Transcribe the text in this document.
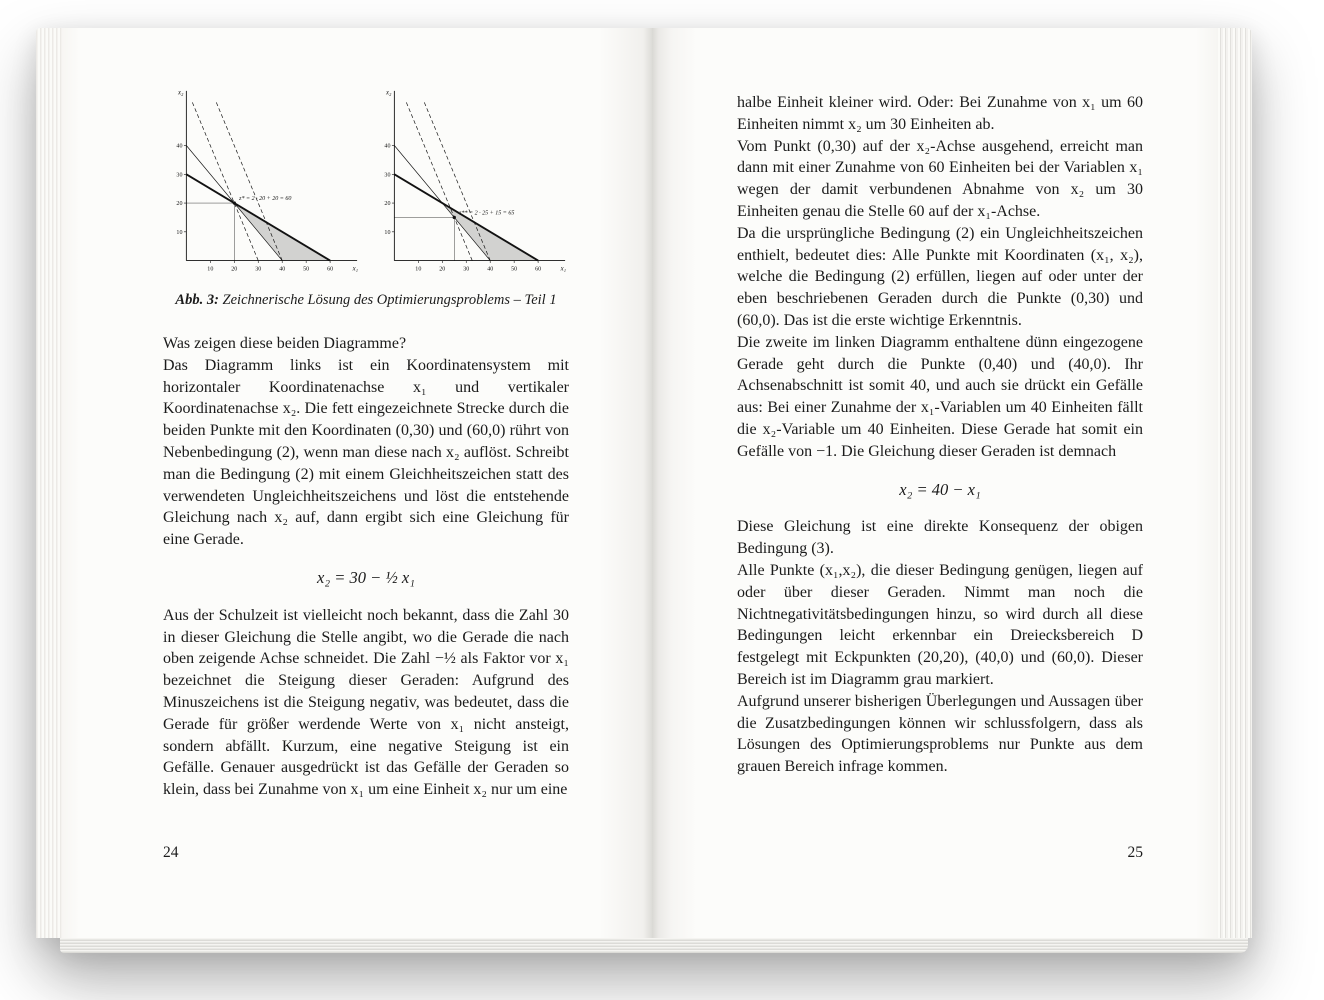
10	20	30	40	50	60
10
20
30
40
x₂
x₁
z* = 2 · 20 + 20 = 60
10	20	30	40	50	60
10
20
30
40
x₂
x₁
z** = 2 · 25 + 15 = 65
Abb. 3: Zeichnerische Lösung des Optimierungsproblems – Teil 1

Was zeigen diese beiden Diagramme?

Das Diagramm links ist ein Koordinatensystem mit horizontaler Koordinatenachse x₁ und vertikaler Koordinatenachse x₂. Die fett eingezeichnete Strecke durch die beiden Punkte mit den Koordinaten (0,30) und (60,0) rührt von Nebenbedingung (2), wenn man diese nach x₂ auflöst. Schreibt man die Bedingung (2) mit einem Gleichheitszeichen statt des verwendeten Ungleichheitszeichens und löst die entstehende Gleichung nach x₂ auf, dann ergibt sich eine Gleichung für eine Gerade.

x₂ = 30 − ½ x₁

Aus der Schulzeit ist vielleicht noch bekannt, dass die Zahl 30 in dieser Gleichung die Stelle angibt, wo die Gerade die nach oben zeigende Achse schneidet. Die Zahl −½ als Faktor vor x₁ bezeichnet die Steigung dieser Geraden: Aufgrund des Minuszeichens ist die Steigung negativ, was bedeutet, dass die Gerade für größer werdende Werte von x₁ nicht ansteigt, sondern abfällt. Kurzum, eine negative Steigung ist ein Gefälle. Genauer ausgedrückt ist das Gefälle der Geraden so klein, dass bei Zunahme von x₁ um eine Einheit x₂ nur um eine

24

halbe Einheit kleiner wird. Oder: Bei Zunahme von x₁ um 60 Einheiten nimmt x₂ um 30 Einheiten ab.

Vom Punkt (0,30) auf der x₂-Achse ausgehend, erreicht man dann mit einer Zunahme von 60 Einheiten bei der Variablen x₁ wegen der damit verbundenen Abnahme von x₂ um 30 Einheiten genau die Stelle 60 auf der x₁-Achse.

Da die ursprüngliche Bedingung (2) ein Ungleichheitszeichen enthielt, bedeutet dies: Alle Punkte mit Koordinaten (x₁, x₂), welche die Bedingung (2) erfüllen, liegen auf oder unter der eben beschriebenen Geraden durch die Punkte (0,30) und (60,0). Das ist die erste wichtige Erkenntnis.

Die zweite im linken Diagramm enthaltene dünn eingezogene Gerade geht durch die Punkte (0,40) und (40,0). Ihr Achsenabschnitt ist somit 40, und auch sie drückt ein Gefälle aus: Bei einer Zunahme der x₁-Variablen um 40 Einheiten fällt die x₂-Variable um 40 Einheiten. Diese Gerade hat somit ein Gefälle von −1. Die Gleichung dieser Geraden ist demnach

x₂ = 40 − x₁

Diese Gleichung ist eine direkte Konsequenz der obigen Bedingung (3).

Alle Punkte (x₁,x₂), die dieser Bedingung genügen, liegen auf oder über dieser Geraden. Nimmt man noch die Nichtnegativitätsbedingungen hinzu, so wird durch all diese Bedingungen leicht erkennbar ein Dreiecksbereich D festgelegt mit Eckpunkten (20,20), (40,0) und (60,0). Dieser Bereich ist im Diagramm grau markiert.

Aufgrund unserer bisherigen Überlegungen und Aussagen über die Zusatzbedingungen können wir schlussfolgern, dass als Lösungen des Optimierungsproblems nur Punkte aus dem grauen Bereich infrage kommen.

25
